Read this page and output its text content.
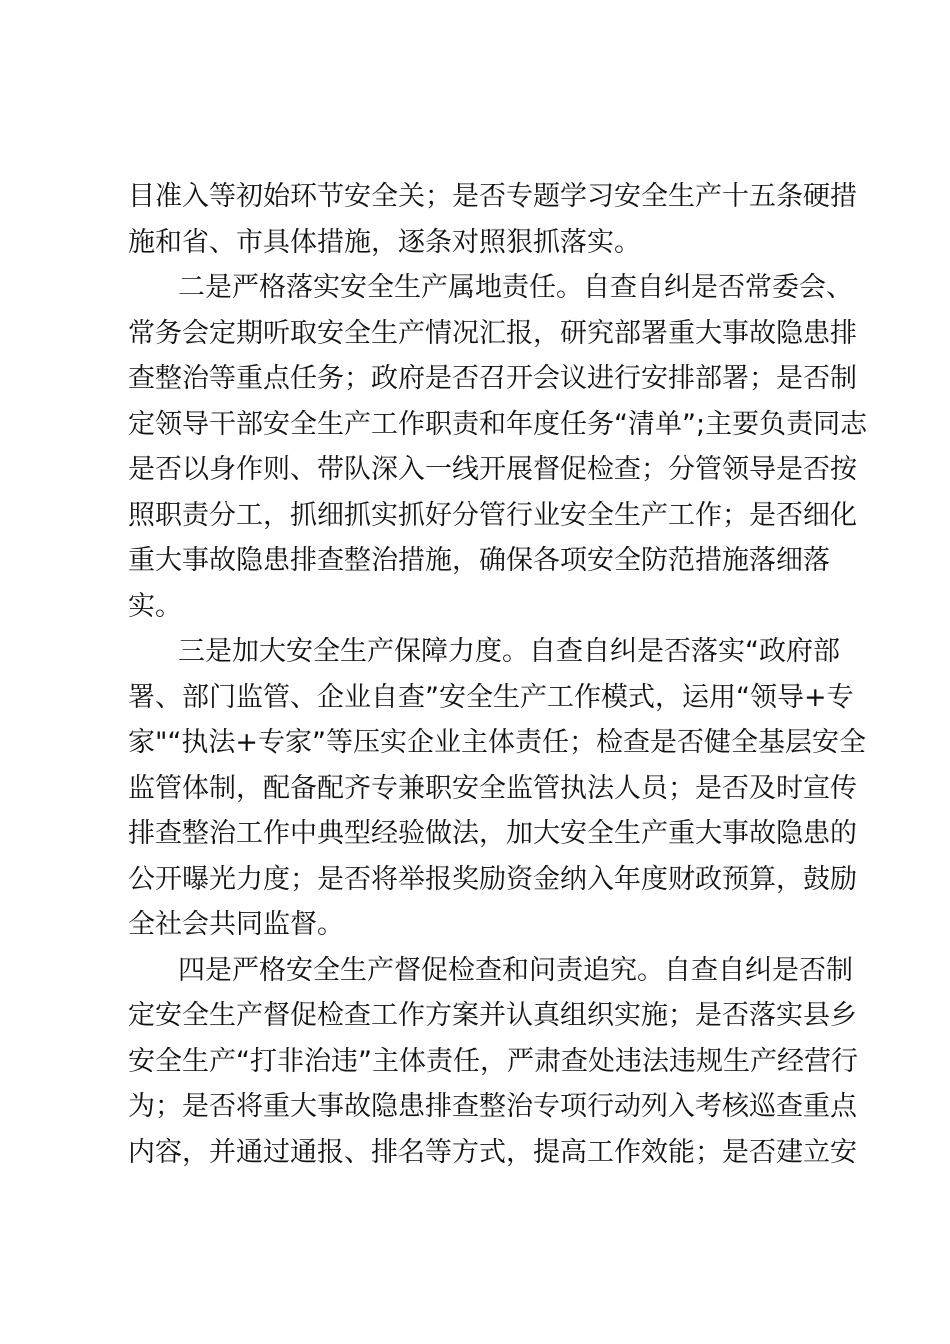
目准入等初始环节安全关；是否专题学习安全生产十五条硬措
施和省、市具体措施，逐条对照狠抓落实。
二是严格落实安全生产属地责任。自查自纠是否常委会、
常务会定期听取安全生产情况汇报，研究部署重大事故隐患排
查整治等重点任务；政府是否召开会议进行安排部署；是否制
定领导干部安全生产工作职责和年度任务“清单”;主要负责同志
是否以身作则、带队深入一线开展督促检查；分管领导是否按
照职责分工，抓细抓实抓好分管行业安全生产工作；是否细化
重大事故隐患排查整治措施，确保各项安全防范措施落细落
实。
三是加大安全生产保障力度。自查自纠是否落实“政府部
署、部门监管、企业自查”安全生产工作模式，运用“领导+专
家"“执法+专家”等压实企业主体责任；检查是否健全基层安全
监管体制，配备配齐专兼职安全监管执法人员；是否及时宣传
排查整治工作中典型经验做法，加大安全生产重大事故隐患的
公开曝光力度；是否将举报奖励资金纳入年度财政预算，鼓励
全社会共同监督。
四是严格安全生产督促检查和问责追究。自查自纠是否制
定安全生产督促检查工作方案并认真组织实施；是否落实县乡
安全生产“打非治违”主体责任，严肃查处违法违规生产经营行
为；是否将重大事故隐患排查整治专项行动列入考核巡查重点
内容，并通过通报、排名等方式，提高工作效能；是否建立安
